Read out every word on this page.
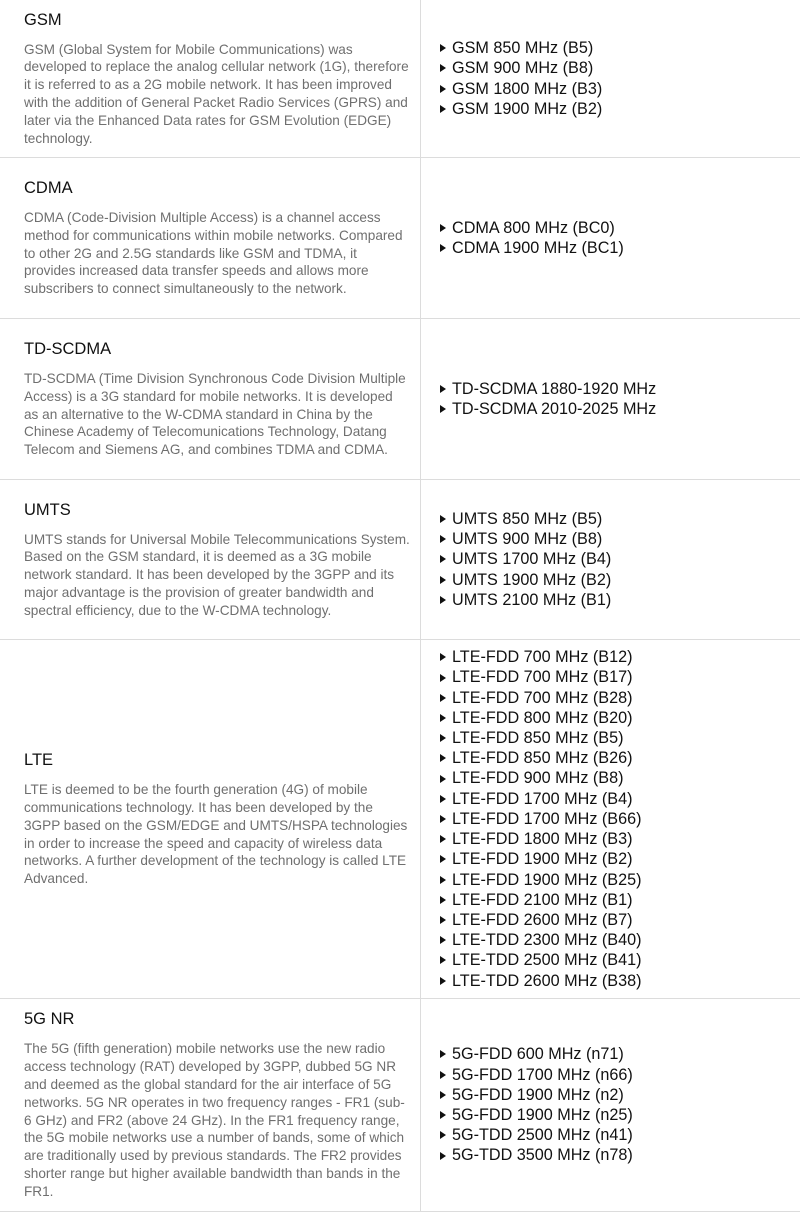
GSM

GSM (Global System for Mobile Communications) was developed to replace the analog cellular network (1G), therefore it is referred to as a 2G mobile network. It has been improved with the addition of General Packet Radio Services (GPRS) and later via the Enhanced Data rates for GSM Evolution (EDGE) technology.

GSM 850 MHz (B5)
GSM 900 MHz (B8)
GSM 1800 MHz (B3)
GSM 1900 MHz (B2)
CDMA

CDMA (Code-Division Multiple Access) is a channel access method for communications within mobile networks. Compared to other 2G and 2.5G standards like GSM and TDMA, it provides increased data transfer speeds and allows more subscribers to connect simultaneously to the network.

CDMA 800 MHz (BC0)
CDMA 1900 MHz (BC1)
TD-SCDMA

TD-SCDMA (Time Division Synchronous Code Division Multiple Access) is a 3G standard for mobile networks. It is developed as an alternative to the W-CDMA standard in China by the Chinese Academy of Telecomunications Technology, Datang Telecom and Siemens AG, and combines TDMA and CDMA.

TD-SCDMA 1880-1920 MHz
TD-SCDMA 2010-2025 MHz
UMTS

UMTS stands for Universal Mobile Telecommunications System. Based on the GSM standard, it is deemed as a 3G mobile network standard. It has been developed by the 3GPP and its major advantage is the provision of greater bandwidth and spectral efficiency, due to the W-CDMA technology.

UMTS 850 MHz (B5)
UMTS 900 MHz (B8)
UMTS 1700 MHz (B4)
UMTS 1900 MHz (B2)
UMTS 2100 MHz (B1)
LTE

LTE is deemed to be the fourth generation (4G) of mobile communications technology. It has been developed by the 3GPP based on the GSM/EDGE and UMTS/HSPA technologies in order to increase the speed and capacity of wireless data networks. A further development of the technology is called LTE Advanced.

LTE-FDD 700 MHz (B12)
LTE-FDD 700 MHz (B17)
LTE-FDD 700 MHz (B28)
LTE-FDD 800 MHz (B20)
LTE-FDD 850 MHz (B5)
LTE-FDD 850 MHz (B26)
LTE-FDD 900 MHz (B8)
LTE-FDD 1700 MHz (B4)
LTE-FDD 1700 MHz (B66)
LTE-FDD 1800 MHz (B3)
LTE-FDD 1900 MHz (B2)
LTE-FDD 1900 MHz (B25)
LTE-FDD 2100 MHz (B1)
LTE-FDD 2600 MHz (B7)
LTE-TDD 2300 MHz (B40)
LTE-TDD 2500 MHz (B41)
LTE-TDD 2600 MHz (B38)
5G NR

The 5G (fifth generation) mobile networks use the new radio access technology (RAT) developed by 3GPP, dubbed 5G NR and deemed as the global standard for the air interface of 5G networks. 5G NR operates in two frequency ranges - FR1 (sub-6 GHz) and FR2 (above 24 GHz). In the FR1 frequency range, the 5G mobile networks use a number of bands, some of which are traditionally used by previous standards. The FR2 provides shorter range but higher available bandwidth than bands in the FR1.

5G-FDD 600 MHz (n71)
5G-FDD 1700 MHz (n66)
5G-FDD 1900 MHz (n2)
5G-FDD 1900 MHz (n25)
5G-TDD 2500 MHz (n41)
5G-TDD 3500 MHz (n78)
